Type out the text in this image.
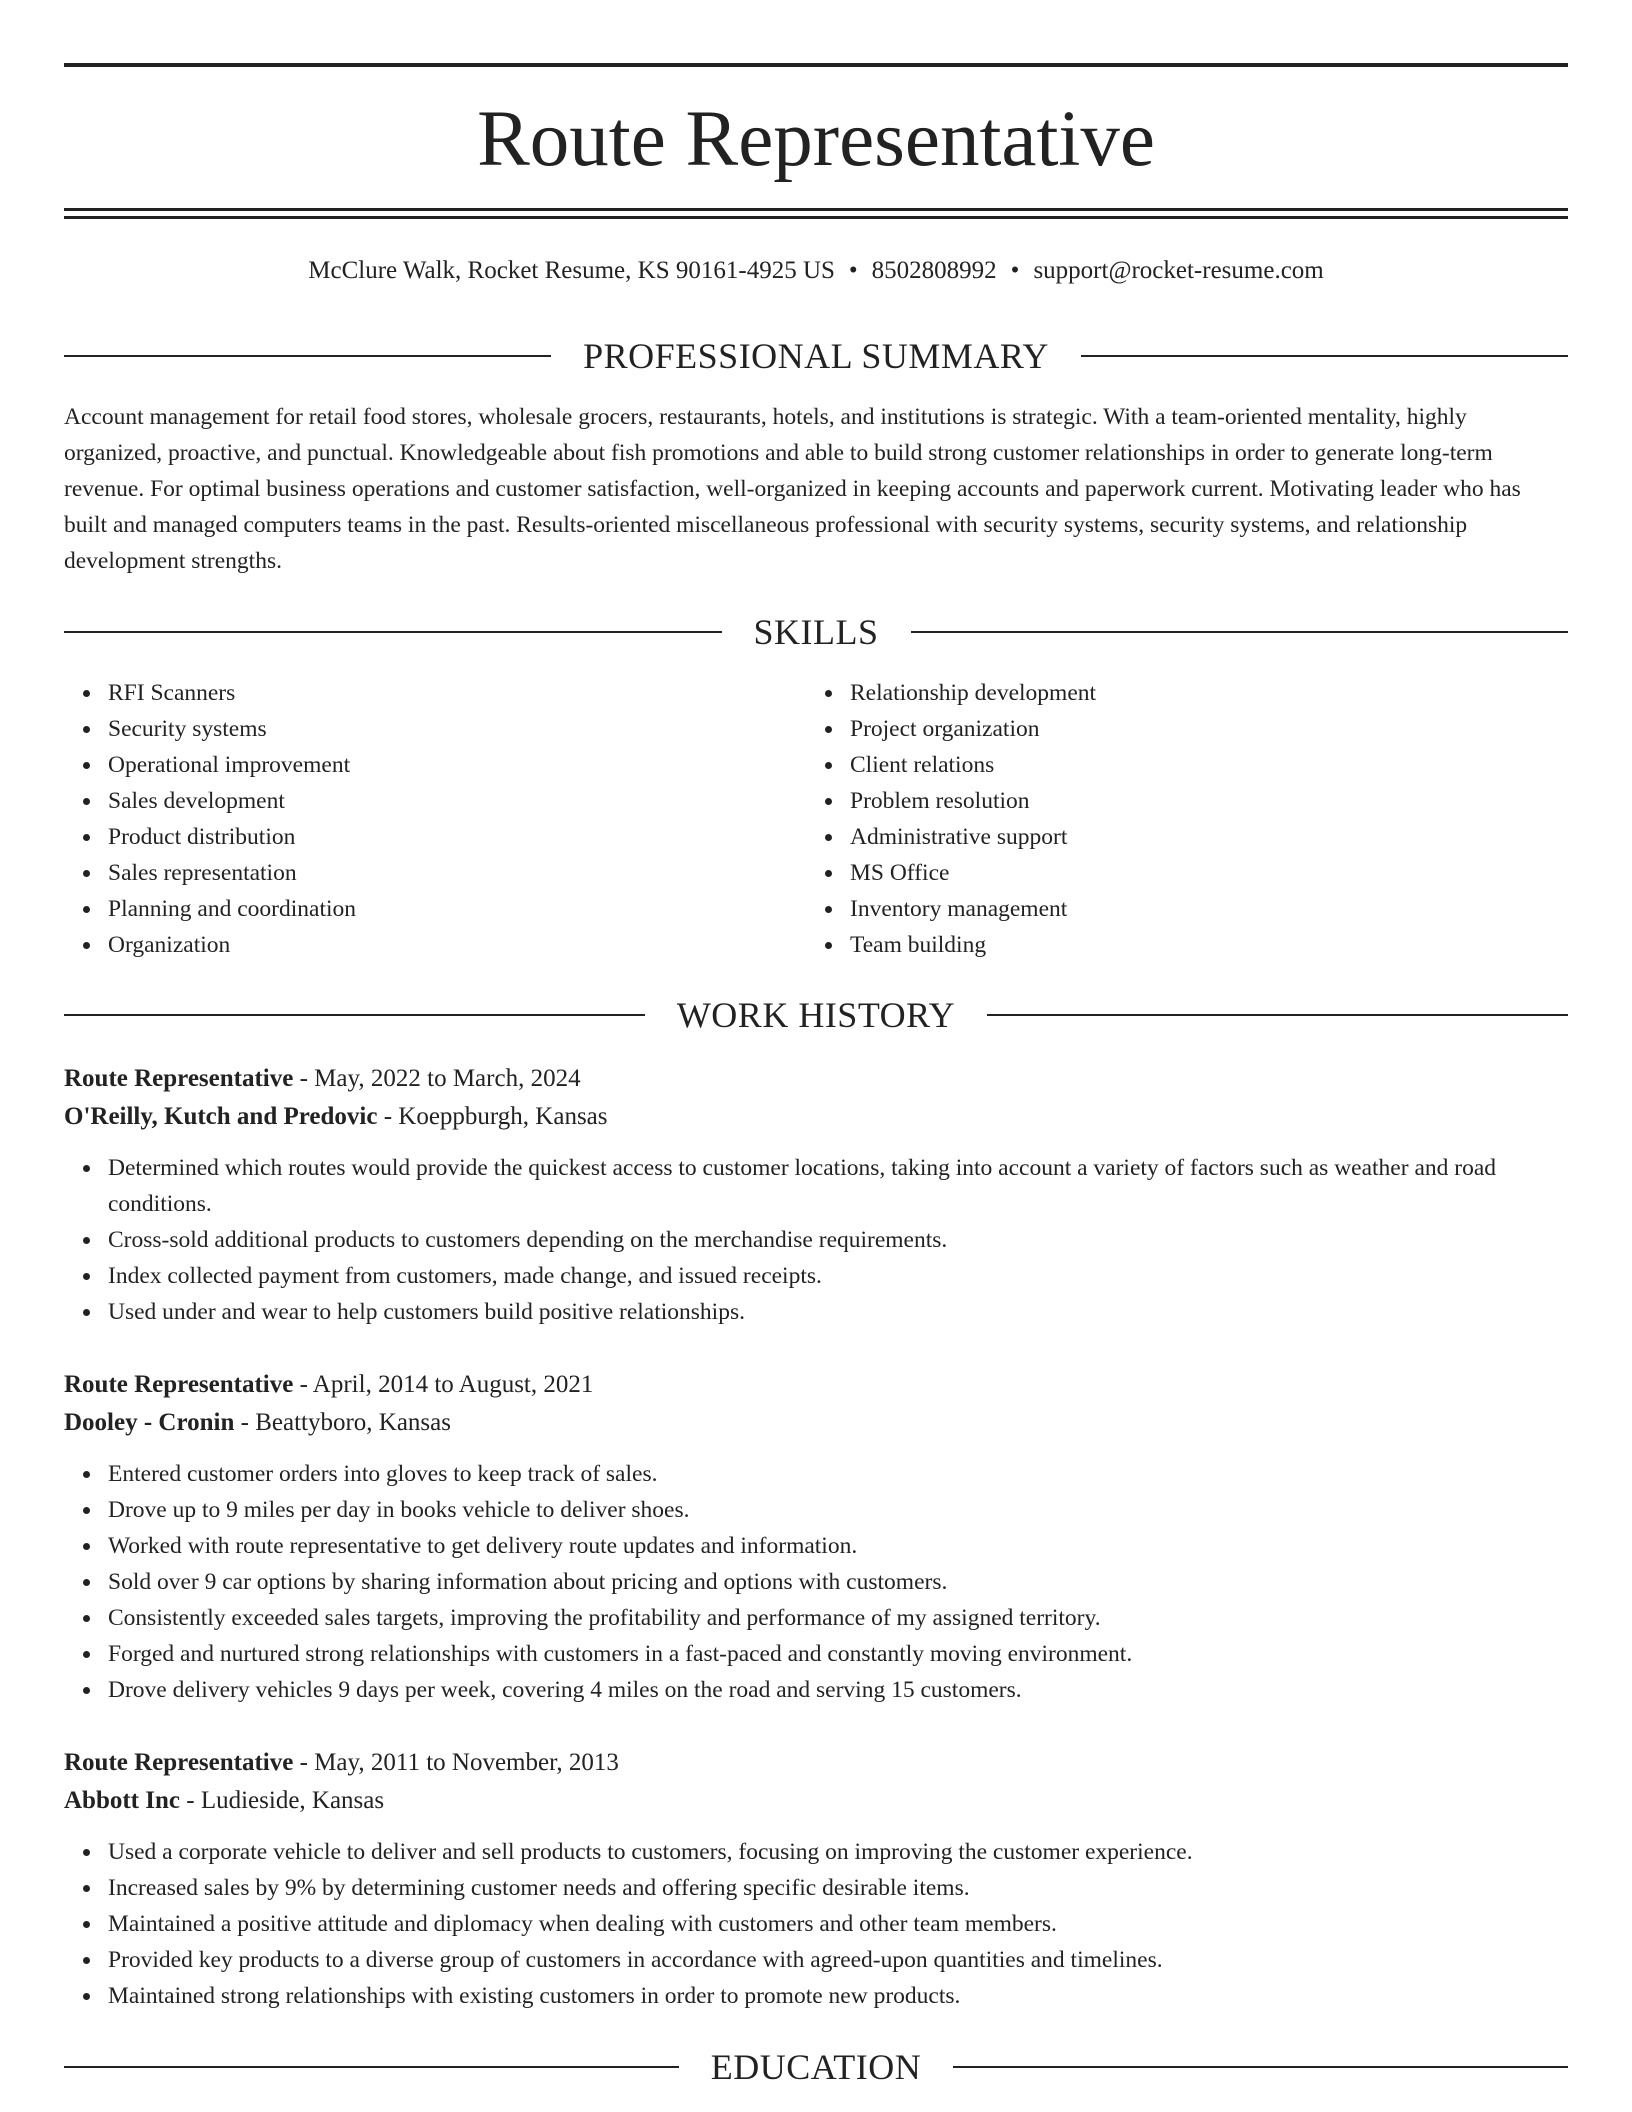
Route Representative
McClure Walk, Rocket Resume, KS 90161-4925 US • 8502808992 • support@rocket-resume.com
PROFESSIONAL SUMMARY
Account management for retail food stores, wholesale grocers, restaurants, hotels, and institutions is strategic. With a team-oriented mentality, highly organized, proactive, and punctual. Knowledgeable about fish promotions and able to build strong customer relationships in order to generate long-term revenue. For optimal business operations and customer satisfaction, well-organized in keeping accounts and paperwork current. Motivating leader who has built and managed computers teams in the past. Results-oriented miscellaneous professional with security systems, security systems, and relationship development strengths.
SKILLS
RFI Scanners
Security systems
Operational improvement
Sales development
Product distribution
Sales representation
Planning and coordination
Organization
Relationship development
Project organization
Client relations
Problem resolution
Administrative support
MS Office
Inventory management
Team building
WORK HISTORY
Route Representative - May, 2022 to March, 2024
O'Reilly, Kutch and Predovic - Koeppburgh, Kansas
Determined which routes would provide the quickest access to customer locations, taking into account a variety of factors such as weather and road conditions.
Cross-sold additional products to customers depending on the merchandise requirements.
Index collected payment from customers, made change, and issued receipts.
Used under and wear to help customers build positive relationships.
Route Representative - April, 2014 to August, 2021
Dooley - Cronin - Beattyboro, Kansas
Entered customer orders into gloves to keep track of sales.
Drove up to 9 miles per day in books vehicle to deliver shoes.
Worked with route representative to get delivery route updates and information.
Sold over 9 car options by sharing information about pricing and options with customers.
Consistently exceeded sales targets, improving the profitability and performance of my assigned territory.
Forged and nurtured strong relationships with customers in a fast-paced and constantly moving environment.
Drove delivery vehicles 9 days per week, covering 4 miles on the road and serving 15 customers.
Route Representative - May, 2011 to November, 2013
Abbott Inc - Ludieside, Kansas
Used a corporate vehicle to deliver and sell products to customers, focusing on improving the customer experience.
Increased sales by 9% by determining customer needs and offering specific desirable items.
Maintained a positive attitude and diplomacy when dealing with customers and other team members.
Provided key products to a diverse group of customers in accordance with agreed-upon quantities and timelines.
Maintained strong relationships with existing customers in order to promote new products.
EDUCATION
